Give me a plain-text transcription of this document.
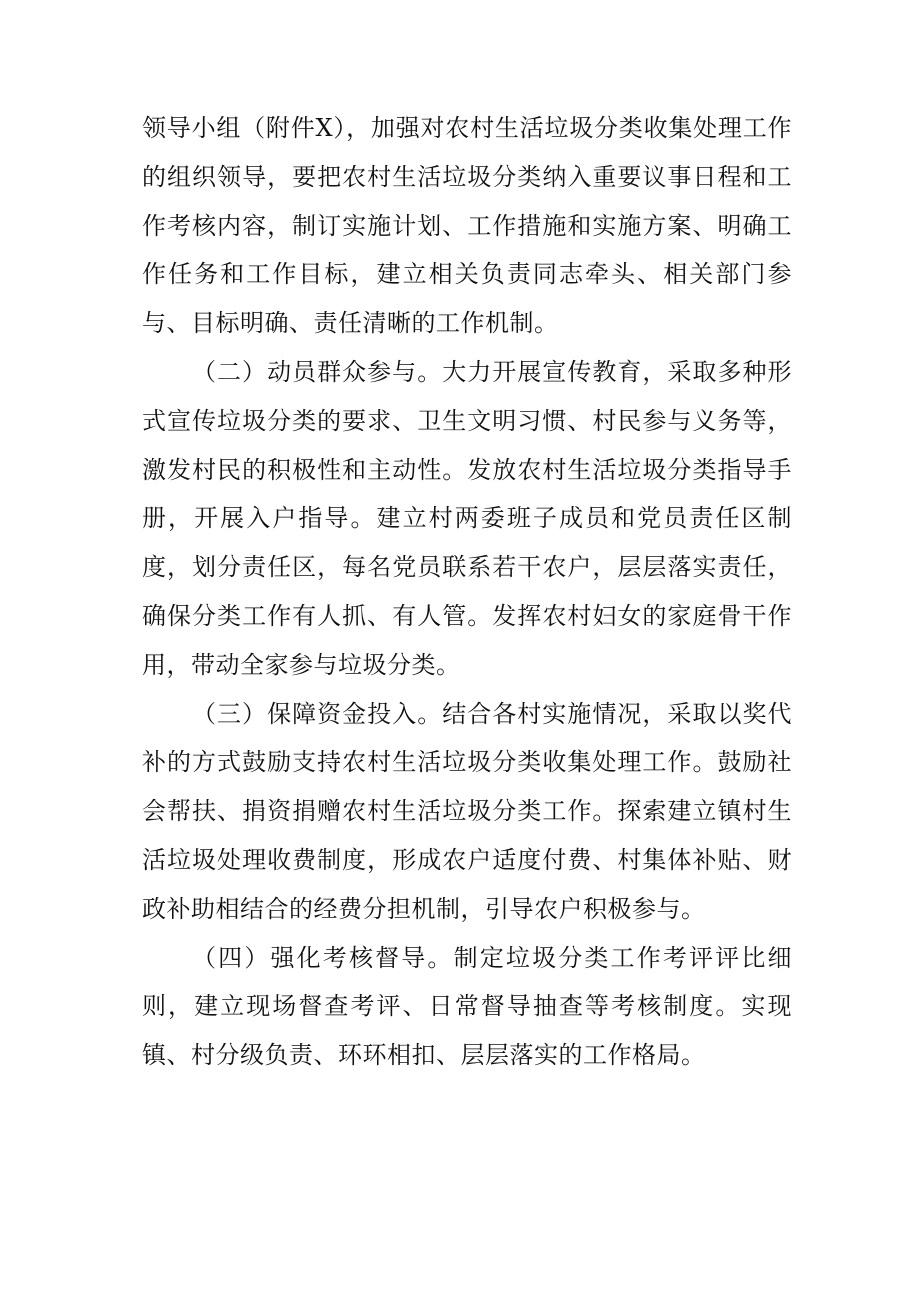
领导小组（附件X），加强对农村生活垃圾分类收集处理工作的组织领导，要把农村生活垃圾分类纳入重要议事日程和工作考核内容，制订实施计划、工作措施和实施方案、明确工作任务和工作目标，建立相关负责同志牵头、相关部门参与、目标明确、责任清晰的工作机制。

（二）动员群众参与。大力开展宣传教育，采取多种形式宣传垃圾分类的要求、卫生文明习惯、村民参与义务等，激发村民的积极性和主动性。发放农村生活垃圾分类指导手册，开展入户指导。建立村两委班子成员和党员责任区制度，划分责任区，每名党员联系若干农户，层层落实责任，确保分类工作有人抓、有人管。发挥农村妇女的家庭骨干作用，带动全家参与垃圾分类。

（三）保障资金投入。结合各村实施情况，采取以奖代补的方式鼓励支持农村生活垃圾分类收集处理工作。鼓励社会帮扶、捐资捐赠农村生活垃圾分类工作。探索建立镇村生活垃圾处理收费制度，形成农户适度付费、村集体补贴、财政补助相结合的经费分担机制，引导农户积极参与。

（四）强化考核督导。制定垃圾分类工作考评评比细则，建立现场督查考评、日常督导抽查等考核制度。实现镇、村分级负责、环环相扣、层层落实的工作格局。
